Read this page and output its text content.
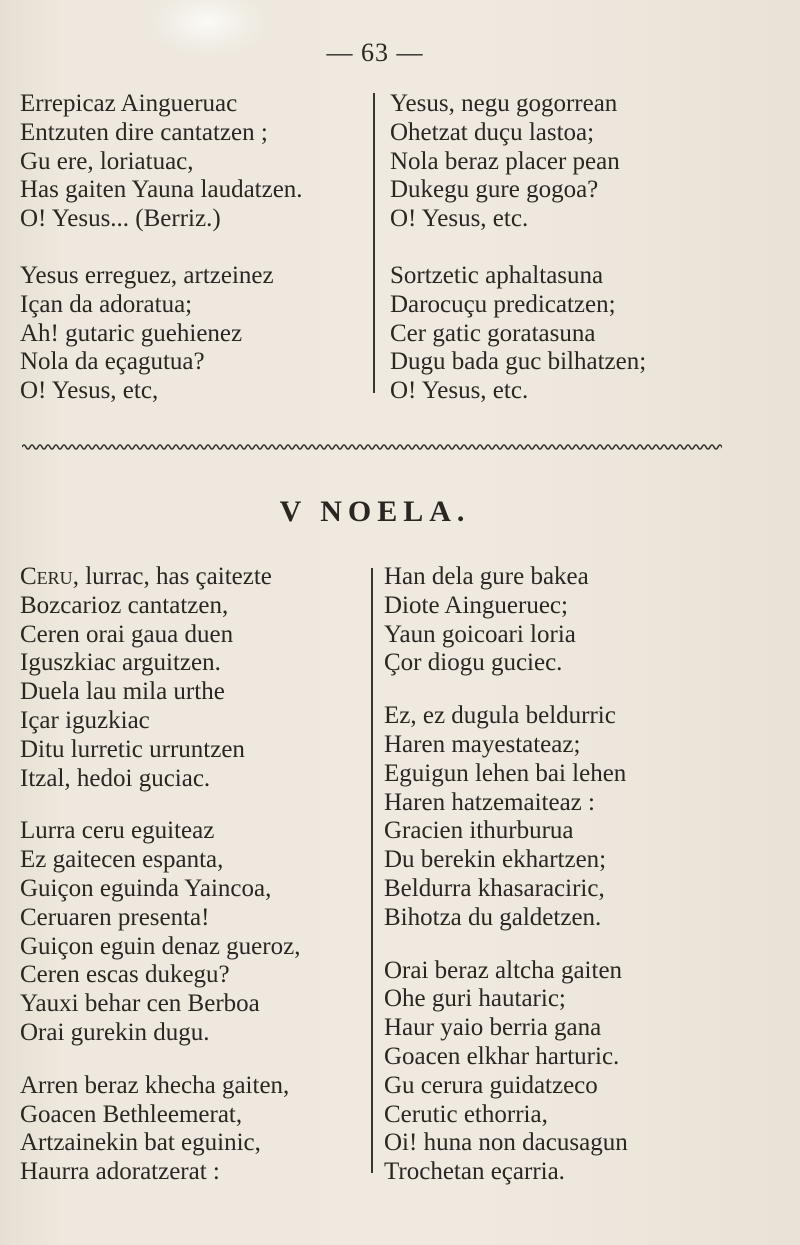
— 63 —

Errepicaz Aingueruac

Entzuten dire cantatzen ;

Gu ere, loriatuac,

Has gaiten Yauna laudatzen.

O! Yesus... (Berriz.)

Yesus erreguez, artzeinez

Içan da adoratua;

Ah! gutaric guehienez

Nola da eçagutua?

O! Yesus, etc,

Yesus, negu gogorrean

Ohetzat duçu lastoa;

Nola beraz placer pean

Dukegu gure gogoa?

O! Yesus, etc.

Sortzetic aphaltasuna

Darocuçu predicatzen;

Cer gatic goratasuna

Dugu bada guc bilhatzen;

O! Yesus, etc.

V NOELA.

Ceru, lurrac, has çaitezte

Bozcarioz cantatzen,

Ceren orai gaua duen

Iguszkiac arguitzen.

Duela lau mila urthe

Içar iguzkiac

Ditu lurretic urruntzen

Itzal, hedoi guciac.

Lurra ceru eguiteaz

Ez gaitecen espanta,

Guiçon eguinda Yaincoa,

Ceruaren presenta!

Guiçon eguin denaz gueroz,

Ceren escas dukegu?

Yauxi behar cen Berboa

Orai gurekin dugu.

Arren beraz khecha gaiten,

Goacen Bethleemerat,

Artzainekin bat eguinic,

Haurra adoratzerat :

Han dela gure bakea

Diote Aingueruec;

Yaun goicoari loria

Çor diogu guciec.

Ez, ez dugula beldurric

Haren mayestateaz;

Eguigun lehen bai lehen

Haren hatzemaiteaz :

Gracien ithurburua

Du berekin ekhartzen;

Beldurra khasaraciric,

Bihotza du galdetzen.

Orai beraz altcha gaiten

Ohe guri hautaric;

Haur yaio berria gana

Goacen elkhar harturic.

Gu cerura guidatzeco

Cerutic ethorria,

Oi! huna non dacusagun

Trochetan eçarria.
